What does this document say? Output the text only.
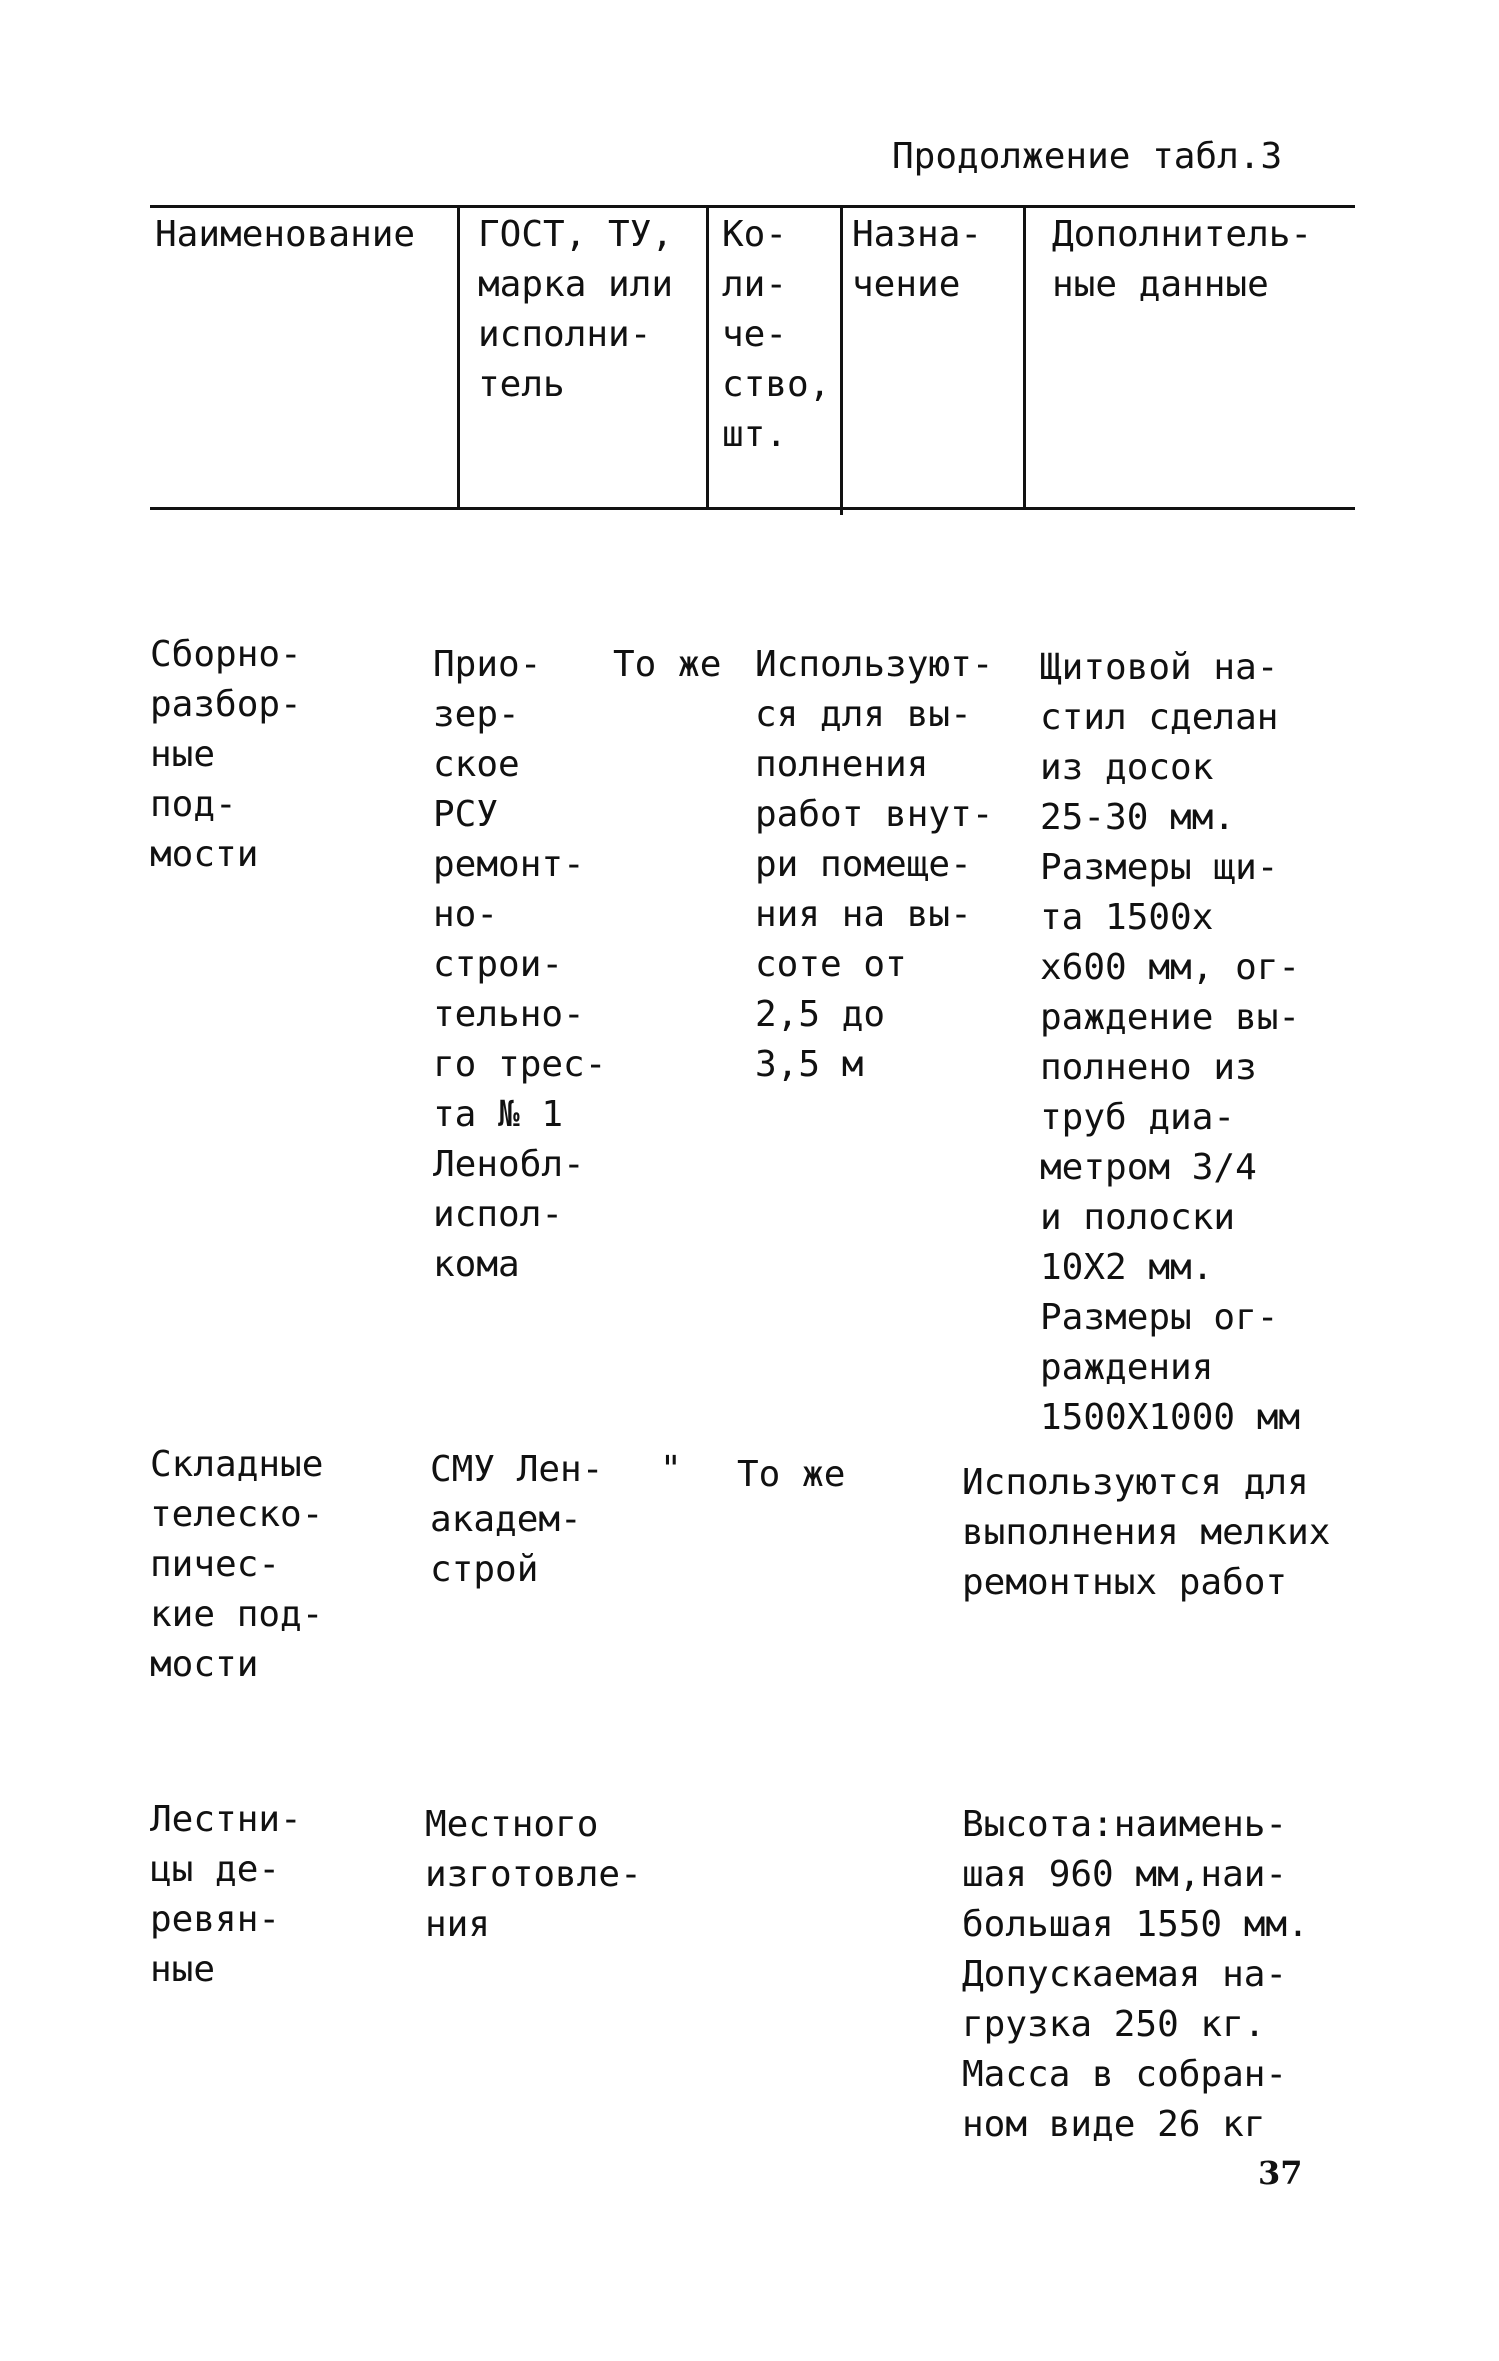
Продолжение табл.3
Наименование ГОСТ, ТУ,
марка или
исполни-
тель
Ко-
ли-
че-
ство,
шт.
Назна-
чение
Дополнитель-
ные данные
Сборно-
разбор-
ные
под-
мости
Прио-
зер-
ское
РСУ
ремонт-
но-
строи-
тельно-
го трес-
та № 1
Ленобл-
испол-
кома
То же Используют-
ся для вы-
полнения
работ внут-
ри помеще-
ния на вы-
соте от
2,5 до
3,5 м
Щитовой на-
стил сделан
из досок
25-30 мм.
Размеры щи-
та 1500х
х600 мм, ог-
раждение вы-
полнено из
труб диа-
метром 3/4
и полоски
10Х2 мм.
Размеры ог-
раждения
1500Х1000 мм
Складные
телеско-
пичес-
кие под-
мости
СМУ Лен-
академ-
строй
" То же	Используются для
выполнения мелких
ремонтных работ
Лестни-
цы де-
ревян-
ные
Местного
изготовле-
ния
Высота:наимень-
шая 960 мм,наи-
большая 1550 мм.
Допускаемая на-
грузка 250 кг.
Масса в собран-
ном виде 26 кг
37
